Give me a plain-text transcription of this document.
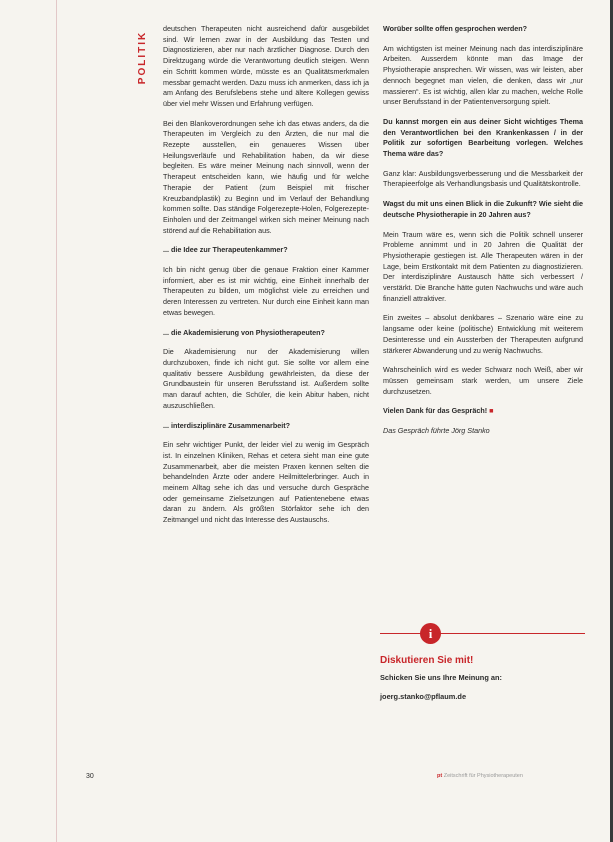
POLITIK

deutschen Therapeuten nicht ausreichend dafür ausgebildet sind. Wir lernen zwar in der Ausbildung das Testen und Diagnostizieren, aber nur nach ärztlicher Diagnose. Durch den Direktzugang würde die Verantwortung deutlich steigen. Wenn ein Schritt kommen würde, müsste es an Qualitätsmerkmalen messbar gemacht werden. Dazu muss ich anmerken, dass ich ja am Anfang des Berufslebens stehe und ältere Kollegen gewiss über viel mehr Wissen und Erfahrung verfügen.

Bei den Blankoverordnungen sehe ich das etwas anders, da die Therapeuten im Vergleich zu den Ärzten, die nur mal die Rezepte ausstellen, ein genaueres Wissen über Heilungsverläufe und Rehabilitation haben, da wir diese begleiten. Es wäre meiner Meinung nach sinnvoll, wenn der Therapeut entscheiden kann, wie häufig und für welche Therapie der Patient (zum Beispiel mit frischer Kreuzbandplastik) zu Beginn und im Verlauf der Behandlung kommen sollte. Das ständige Folgerezepte-Holen, Folgerezepte-Einholen und der Zeitmangel wirken sich meiner Meinung nach störend auf die Rehabilitation aus.

... die Idee zur Therapeutenkammer?

Ich bin nicht genug über die genaue Fraktion einer Kammer informiert, aber es ist mir wichtig, eine Einheit innerhalb der Therapeuten zu bilden, um möglichst viele zu erreichen und deren Interessen zu vertreten. Nur durch eine Einheit kann man etwas bewegen.

... die Akademisierung von Physiotherapeuten?

Die Akademisierung nur der Akademisierung willen durchzuboxen, finde ich nicht gut. Sie sollte vor allem eine qualitativ bessere Ausbildung gewährleisten, da diese der Grundbaustein für unseren Berufsstand ist. Außerdem sollte man darauf achten, die Schüler, die kein Abitur haben, nicht auszuschließen.

... interdisziplinäre Zusammenarbeit?

Ein sehr wichtiger Punkt, der leider viel zu wenig im Gespräch ist. In einzelnen Kliniken, Rehas et cetera sieht man eine gute Zusammenarbeit, aber die meisten Praxen kennen selten die behandelnden Ärzte oder andere Heilmittelerbringer. Auch in meinem Alltag sehe ich das und versuche durch Gespräche oder gemeinsame Zielsetzungen auf Patientenebene etwas daran zu ändern. Als größten Störfaktor sehe ich den Zeitmangel und nicht das Interesse des Austauschs.

Worüber sollte offen gesprochen werden?

Am wichtigsten ist meiner Meinung nach das interdisziplinäre Arbeiten. Ausserdem könnte man das Image der Physiotherapie ansprechen. Wir wissen, was wir leisten, aber dennoch begegnet man vielen, die denken, dass wir „nur massieren“. Es ist wichtig, allen klar zu machen, welche Rolle unser Berufsstand in der Patientenversorgung spielt.

Du kannst morgen ein aus deiner Sicht wichtiges Thema den Verantwortlichen bei den Krankenkassen / in der Politik zur sofortigen Bearbeitung vorlegen. Welches Thema wäre das?

Ganz klar: Ausbildungsverbesserung und die Messbarkeit der Therapieerfolge als Verhandlungsbasis und Qualitätskontrolle.

Wagst du mit uns einen Blick in die Zukunft? Wie sieht die deutsche Physiotherapie in 20 Jahren aus?

Mein Traum wäre es, wenn sich die Politik schnell unserer Probleme annimmt und in 20 Jahren die Qualität der Physiotherapie gestiegen ist. Alle Therapeuten wären in der Lage, beim Erstkontakt mit dem Patienten zu diagnostizieren. Der interdisziplinäre Austausch hätte sich verbessert / verstärkt. Die Branche hätte guten Nachwuchs und wäre auch finanziell attraktiver.

Ein zweites – absolut denkbares – Szenario wäre eine zu langsame oder keine (politische) Entwicklung mit weiterem Desinteresse und ein Aussterben der Therapeuten aufgrund stärkerer Abwanderung und zu wenig Nachwuchs.

Wahrscheinlich wird es weder Schwarz noch Weiß, aber wir müssen gemeinsam stark werden, um unsere Ziele durchzusetzen.

Vielen Dank für das Gespräch! ■

Das Gespräch führte Jörg Stanko

i
Diskutieren Sie mit!
Schicken Sie uns Ihre Meinung an:
joerg.stanko@pflaum.de
30	pt Zeitschrift für Physiotherapeuten
